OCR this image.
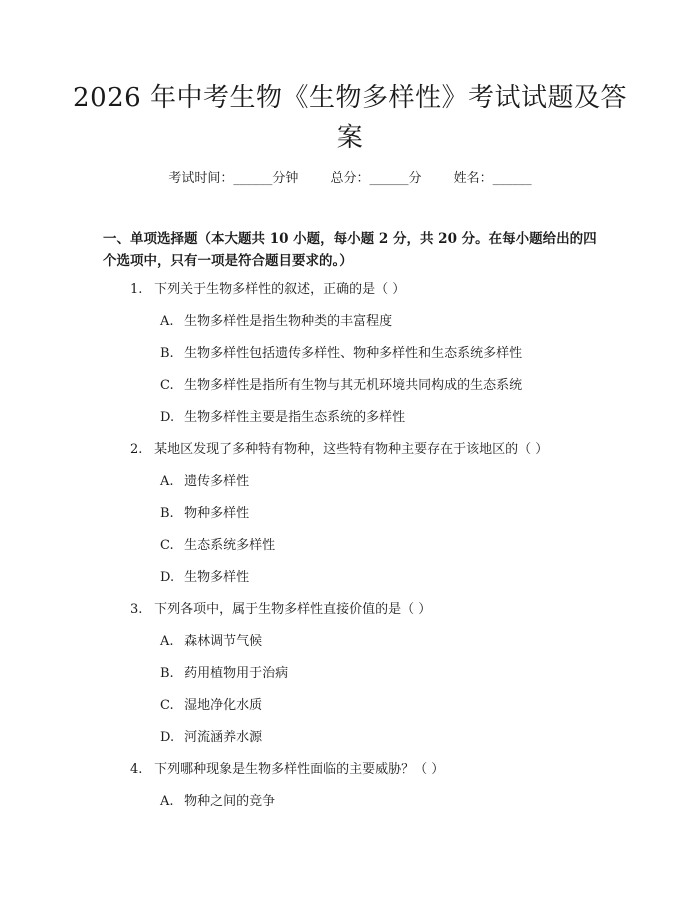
2026 年中考生物《生物多样性》考试试题及答案
考试时间：______分钟 总分：______分 姓名：______

一、单项选择题（本大题共 10 小题，每小题 2 分，共 20 分。在每小题给出的四个选项中，只有一项是符合题目要求的。）

1. 下列关于生物多样性的叙述，正确的是（ ）
A. 生物多样性是指生物种类的丰富程度
B. 生物多样性包括遗传多样性、物种多样性和生态系统多样性
C. 生物多样性是指所有生物与其无机环境共同构成的生态系统
D. 生物多样性主要是指生态系统的多样性
2. 某地区发现了多种特有物种，这些特有物种主要存在于该地区的（ ）
A. 遗传多样性
B. 物种多样性
C. 生态系统多样性
D. 生物多样性
3. 下列各项中，属于生物多样性直接价值的是（ ）
A. 森林调节气候
B. 药用植物用于治病
C. 湿地净化水质
D. 河流涵养水源
4. 下列哪种现象是生物多样性面临的主要威胁？（ ）
A. 物种之间的竞争
